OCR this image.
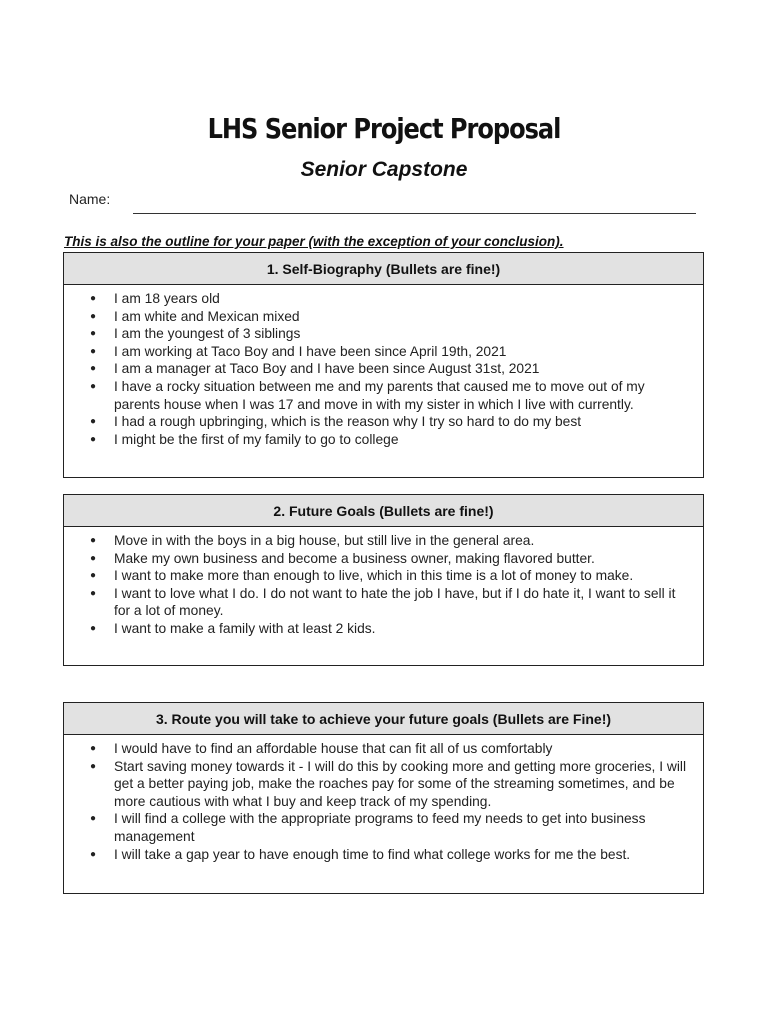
LHS Senior Project Proposal
Senior Capstone
Name:
This is also the outline for your paper (with the exception of your conclusion).
1. Self-Biography (Bullets are fine!)
● I am 18 years old
● I am white and Mexican mixed
● I am the youngest of 3 siblings
● I am working at Taco Boy and I have been since April 19th, 2021
● I am a manager at Taco Boy and I have been since August 31st, 2021
● I have a rocky situation between me and my parents that caused me to move out of my parents house when I was 17 and move in with my sister in which I live with currently.
● I had a rough upbringing, which is the reason why I try so hard to do my best
● I might be the first of my family to go to college
2. Future Goals (Bullets are fine!)
● Move in with the boys in a big house, but still live in the general area.
● Make my own business and become a business owner, making flavored butter.
● I want to make more than enough to live, which in this time is a lot of money to make.
● I want to love what I do. I do not want to hate the job I have, but if I do hate it, I want to sell it for a lot of money.
● I want to make a family with at least 2 kids.
3. Route you will take to achieve your future goals (Bullets are Fine!)
● I would have to find an affordable house that can fit all of us comfortably
● Start saving money towards it - I will do this by cooking more and getting more groceries, I will get a better paying job, make the roaches pay for some of the streaming sometimes, and be more cautious with what I buy and keep track of my spending.
● I will find a college with the appropriate programs to feed my needs to get into business management
● I will take a gap year to have enough time to find what college works for me the best.
